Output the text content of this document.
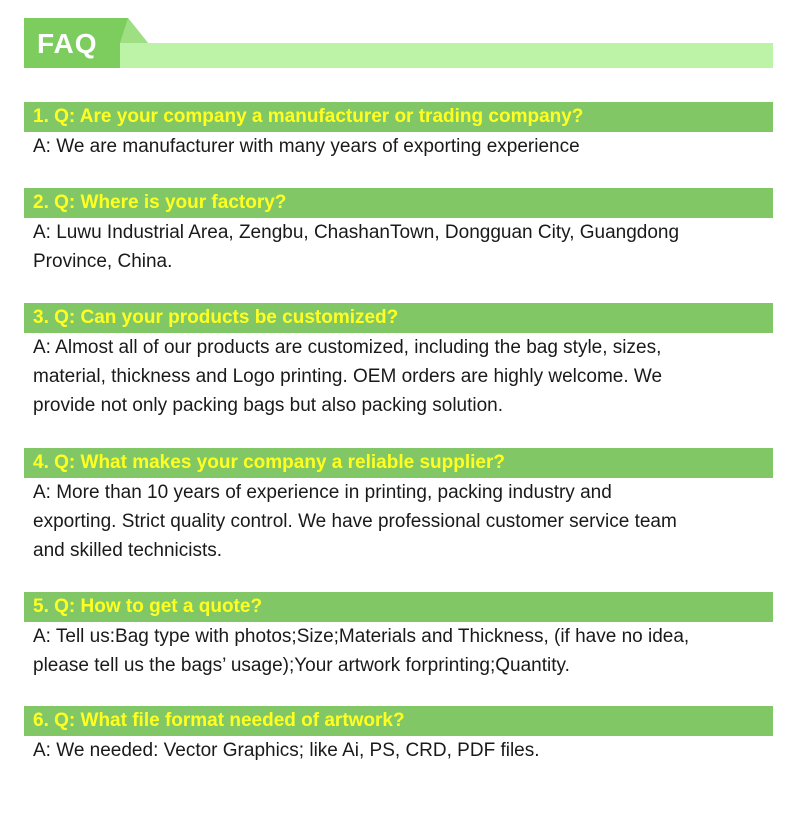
FAQ
1. Q: Are your company a manufacturer or trading company?
A: We are manufacturer with many years of exporting experience
2. Q: Where is your factory?
A: Luwu Industrial Area, Zengbu, ChashanTown, Dongguan City, Guangdong
Province, China.
3. Q: Can your products be customized?
A: Almost all of our products are customized, including the bag style, sizes,
material, thickness and Logo printing. OEM orders are highly welcome. We
provide not only packing bags but also packing solution.
4. Q: What makes your company a reliable supplier?
A: More than 10 years of experience in printing, packing industry and
exporting. Strict quality control. We have professional customer service team
and skilled technicists.
5. Q: How to get a quote?
A: Tell us:Bag type with photos;Size;Materials and Thickness, (if have no idea,
please tell us the bags’ usage);Your artwork forprinting;Quantity.
6. Q: What file format needed of artwork?
A: We needed: Vector Graphics; like Ai, PS, CRD, PDF files.
